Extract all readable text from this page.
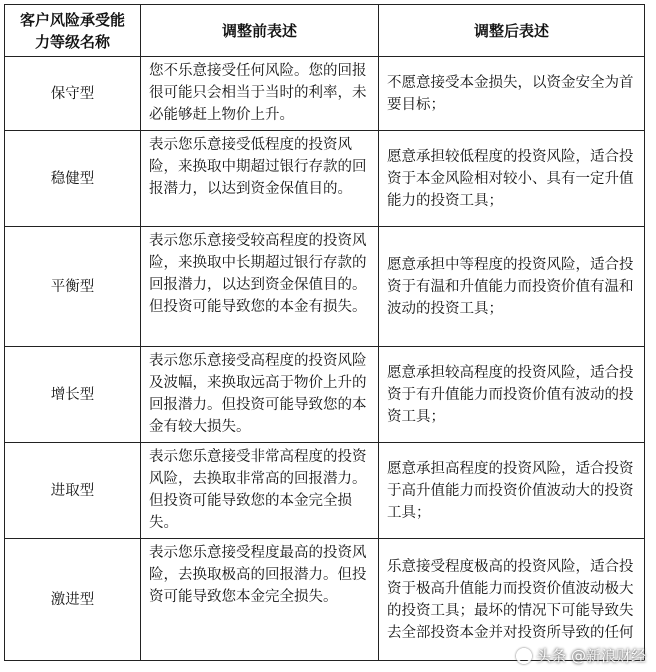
客户风险承受能力等级名称	调整前表述	调整后表述
保守型	您不乐意接受任何风险。您的回报很可能只会相当于当时的利率，未必能够赶上物价上升。	不愿意接受本金损失，以资金安全为首要目标；
稳健型	表示您乐意接受低程度的投资风险，来换取中期超过银行存款的回报潜力，以达到资金保值目的。	愿意承担较低程度的投资风险，适合投资于本金风险相对较小、具有一定升值能力的投资工具；
平衡型	表示您乐意接受较高程度的投资风险，来换取中长期超过银行存款的回报潜力，以达到资金保值目的。但投资可能导致您的本金有损失。	愿意承担中等程度的投资风险，适合投资于有温和升值能力而投资价值有温和波动的投资工具；
增长型	表示您乐意接受高程度的投资风险及波幅，来换取远高于物价上升的回报潜力。但投资可能导致您的本金有较大损失。	愿意承担较高程度的投资风险，适合投资于有升值能力而投资价值有波动的投资工具；
进取型	表示您乐意接受非常高程度的投资风险，去换取非常高的回报潜力。但投资可能导致您的本金完全损失。	愿意承担高程度的投资风险，适合投资于高升值能力而投资价值波动大的投资工具；
激进型	表示您乐意接受程度最高的投资风险，去换取极高的回报潜力。但投资可能导致您本金完全损失。	乐意接受程度极高的投资风险，适合投资于极高升值能力而投资价值波动极大的投资工具；最坏的情况下可能导致失去全部投资本金并对投资所导致的任何
头条 @新浪财经
